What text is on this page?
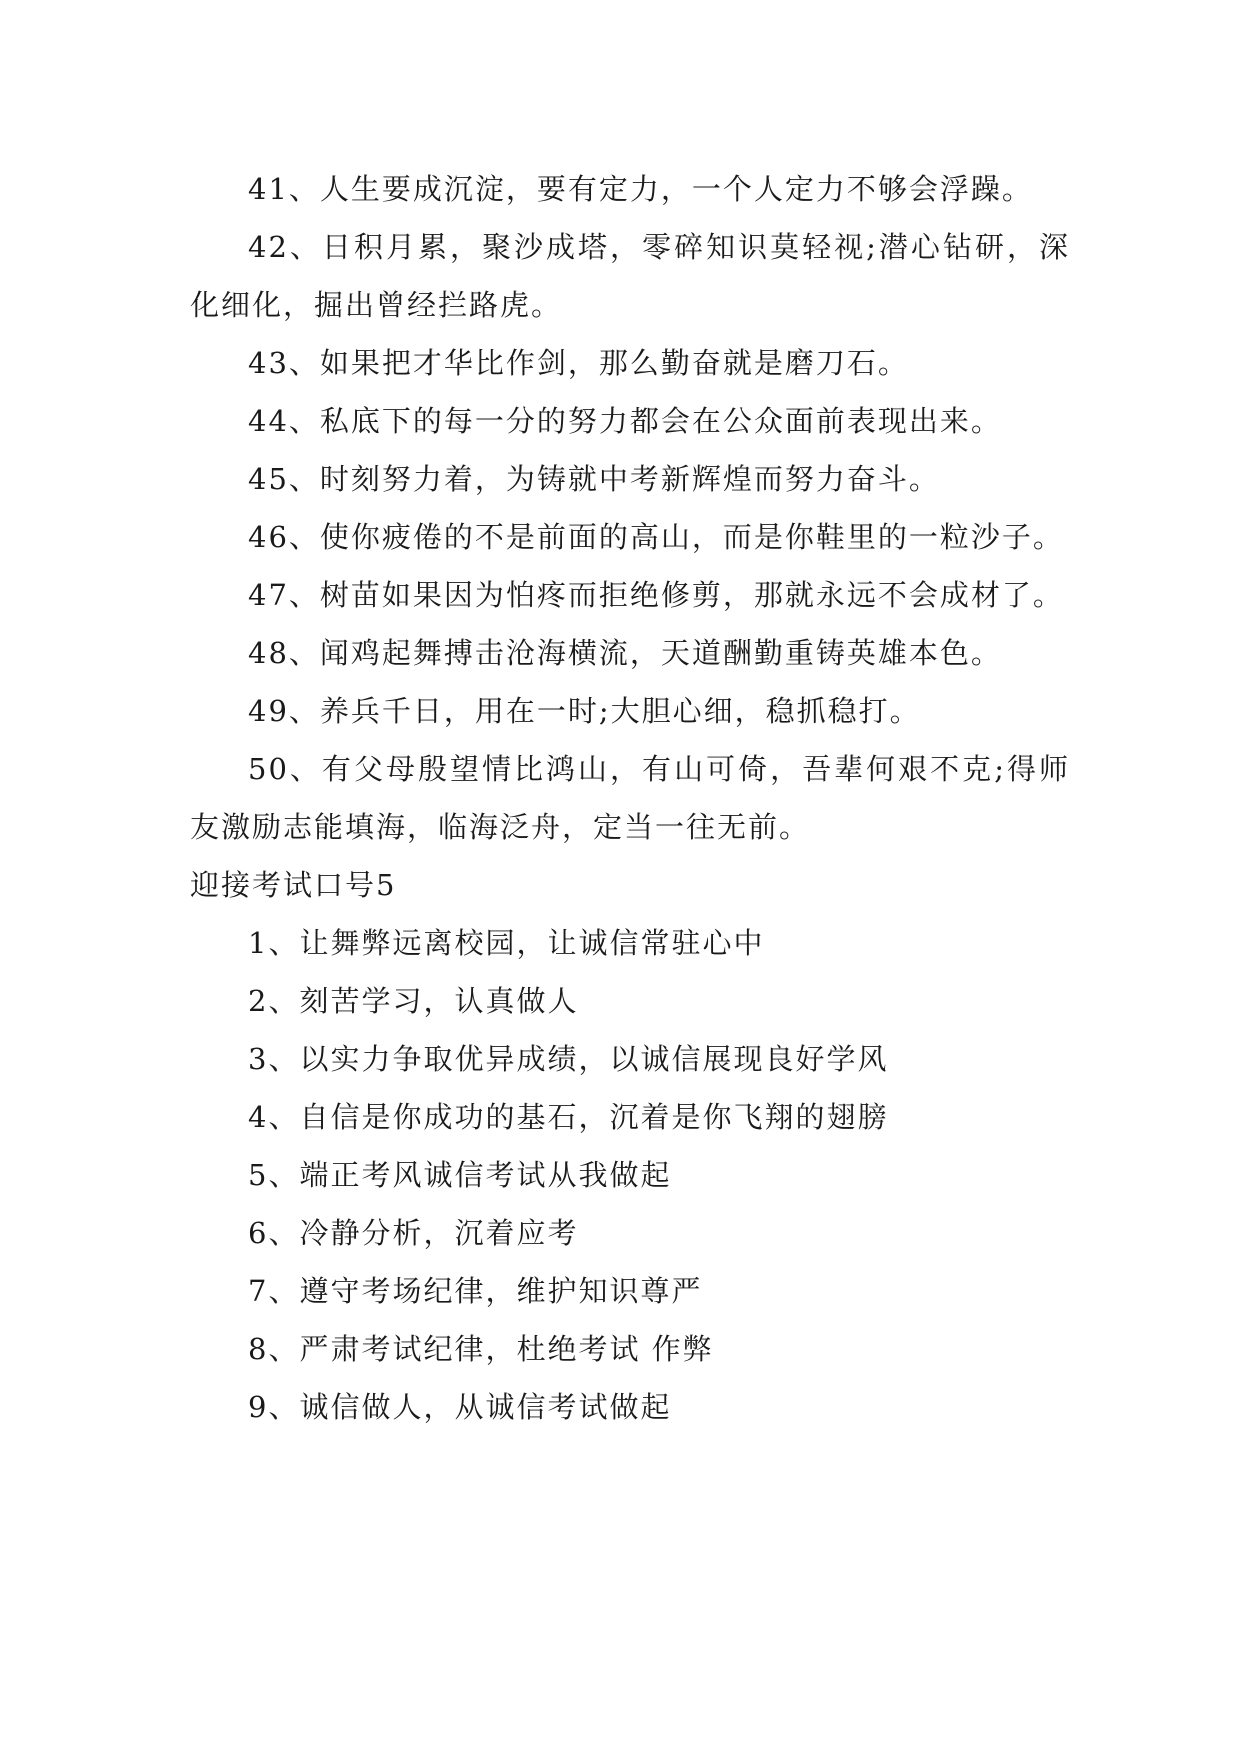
41、人生要成沉淀，要有定力，一个人定力不够会浮躁。

42、日积月累，聚沙成塔，零碎知识莫轻视;潜心钻研，深化细化，掘出曾经拦路虎。

43、如果把才华比作剑，那么勤奋就是磨刀石。

44、私底下的每一分的努力都会在公众面前表现出来。

45、时刻努力着，为铸就中考新辉煌而努力奋斗。

46、使你疲倦的不是前面的高山，而是你鞋里的一粒沙子。

47、树苗如果因为怕疼而拒绝修剪，那就永远不会成材了。

48、闻鸡起舞搏击沧海横流，天道酬勤重铸英雄本色。

49、养兵千日，用在一时;大胆心细，稳抓稳打。

50、有父母殷望情比鸿山，有山可倚，吾辈何艰不克;得师友激励志能填海，临海泛舟，定当一往无前。

迎接考试口号5

1、让舞弊远离校园，让诚信常驻心中

2、刻苦学习，认真做人

3、以实力争取优异成绩，以诚信展现良好学风

4、自信是你成功的基石，沉着是你飞翔的翅膀

5、端正考风诚信考试从我做起

6、冷静分析，沉着应考

7、遵守考场纪律，维护知识尊严

8、严肃考试纪律，杜绝考试 作弊

9、诚信做人，从诚信考试做起
